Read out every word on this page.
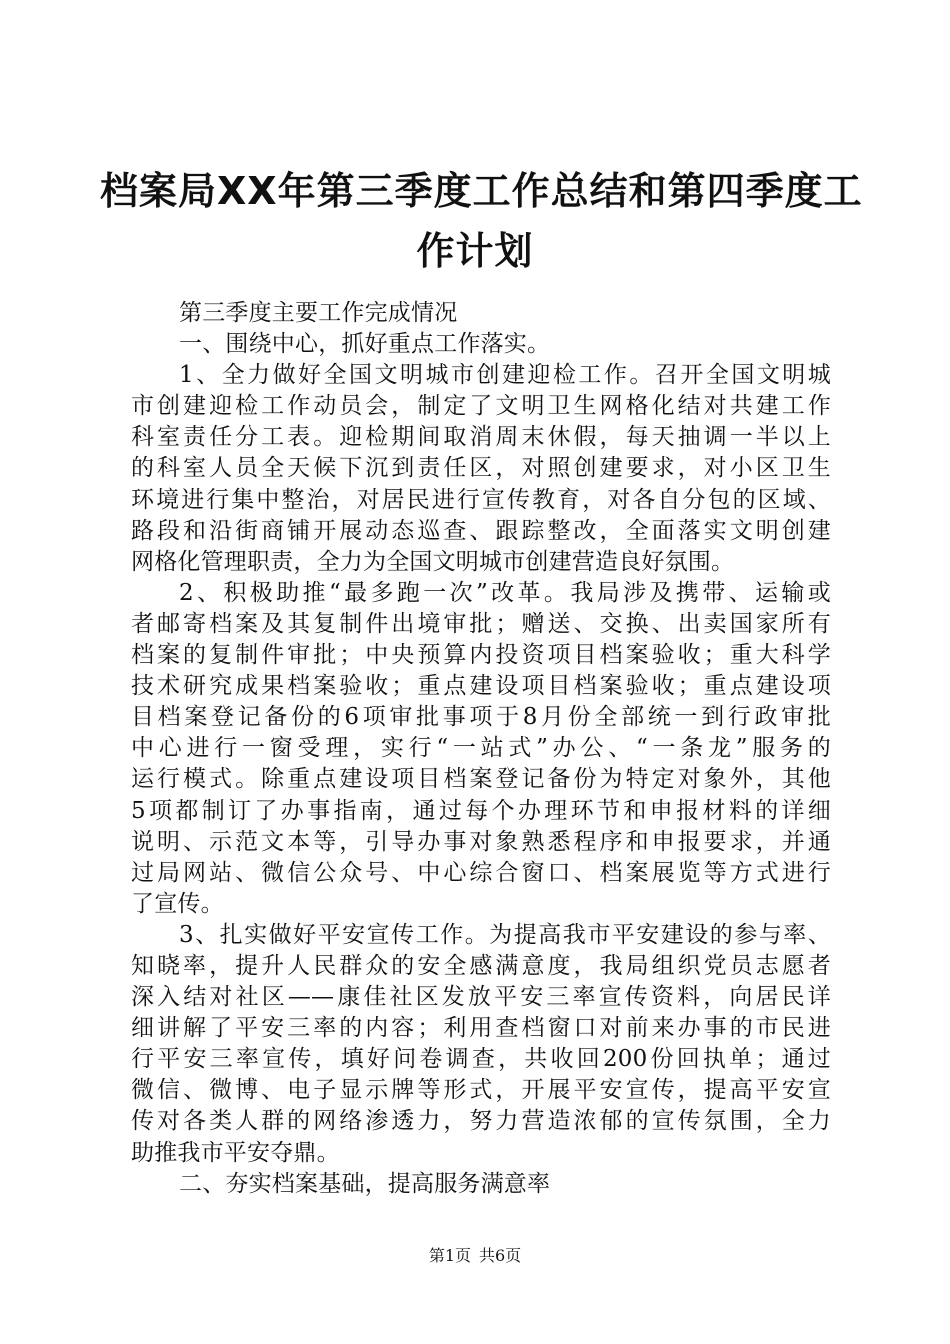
档案局XX年第三季度工作总结和第四季度工
作计划
第三季度主要工作完成情况
一、围绕中心，抓好重点工作落实。
1、全力做好全国文明城市创建迎检工作。召开全国文明城
市创建迎检工作动员会，制定了文明卫生网格化结对共建工作
科室责任分工表。迎检期间取消周末休假，每天抽调一半以上
的科室人员全天候下沉到责任区，对照创建要求，对小区卫生
环境进行集中整治，对居民进行宣传教育，对各自分包的区域、
路段和沿街商铺开展动态巡查、跟踪整改，全面落实文明创建
网格化管理职责，全力为全国文明城市创建营造良好氛围。
2、积极助推“最多跑一次”改革。我局涉及携带、运输或
者邮寄档案及其复制件出境审批；赠送、交换、出卖国家所有
档案的复制件审批；中央预算内投资项目档案验收；重大科学
技术研究成果档案验收；重点建设项目档案验收；重点建设项
目档案登记备份的6项审批事项于8月份全部统一到行政审批
中心进行一窗受理，实行“一站式”办公、“一条龙”服务的
运行模式。除重点建设项目档案登记备份为特定对象外，其他
5项都制订了办事指南，通过每个办理环节和申报材料的详细
说明、示范文本等，引导办事对象熟悉程序和申报要求，并通
过局网站、微信公众号、中心综合窗口、档案展览等方式进行
了宣传。
3、扎实做好平安宣传工作。为提高我市平安建设的参与率、
知晓率，提升人民群众的安全感满意度，我局组织党员志愿者
深入结对社区——康佳社区发放平安三率宣传资料，向居民详
细讲解了平安三率的内容；利用查档窗口对前来办事的市民进
行平安三率宣传，填好问卷调查，共收回200份回执单；通过
微信、微博、电子显示牌等形式，开展平安宣传，提高平安宣
传对各类人群的网络渗透力，努力营造浓郁的宣传氛围，全力
助推我市平安夺鼎。
二、夯实档案基础，提高服务满意率
第1页 共6页
